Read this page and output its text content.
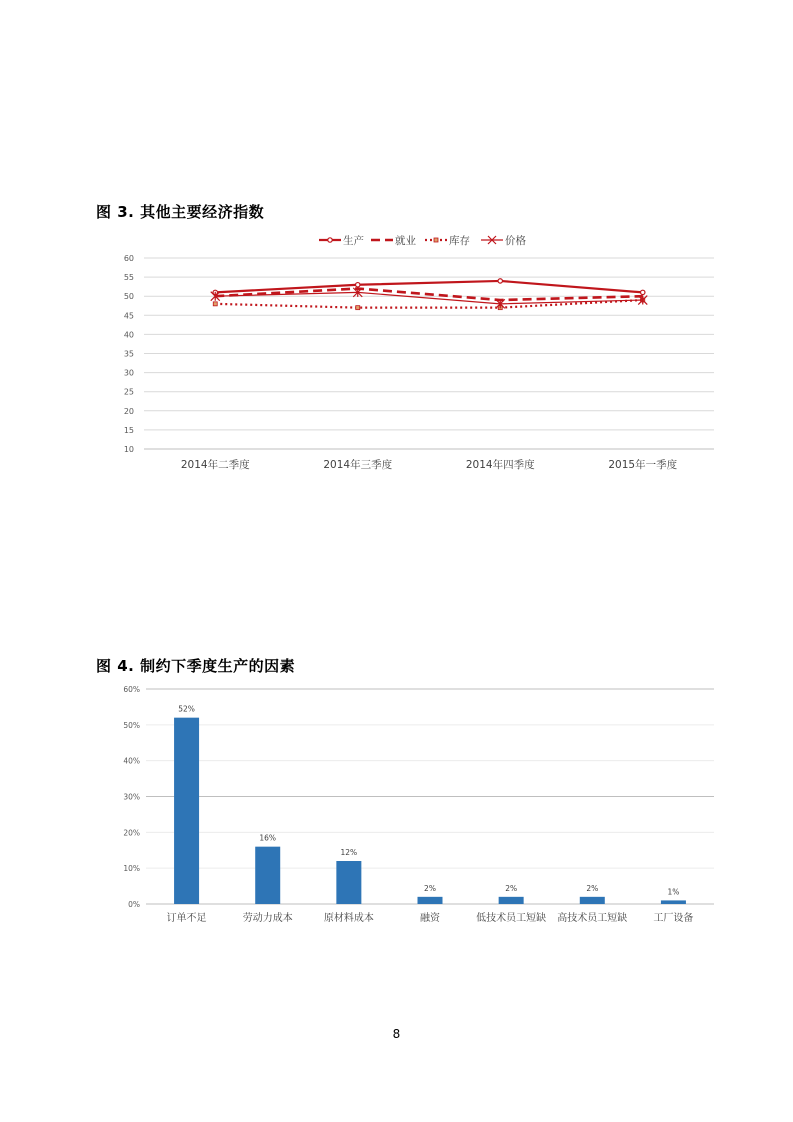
图 3. 其他主要经济指数
10
15
20
25
30
35
40
45
50
55
60
生产	就业	库存	价格
2014年二季度	2014年三季度	2014年四季度	2015年一季度
图 4. 制约下季度生产的因素
0%
10%
20%
30%
40%
50%
60%
52%
订单不足
16%
劳动力成本
12%
原材料成本
2%
融资
2%
低技术员工短缺
2%
高技术员工短缺
1%
工厂设备
8
